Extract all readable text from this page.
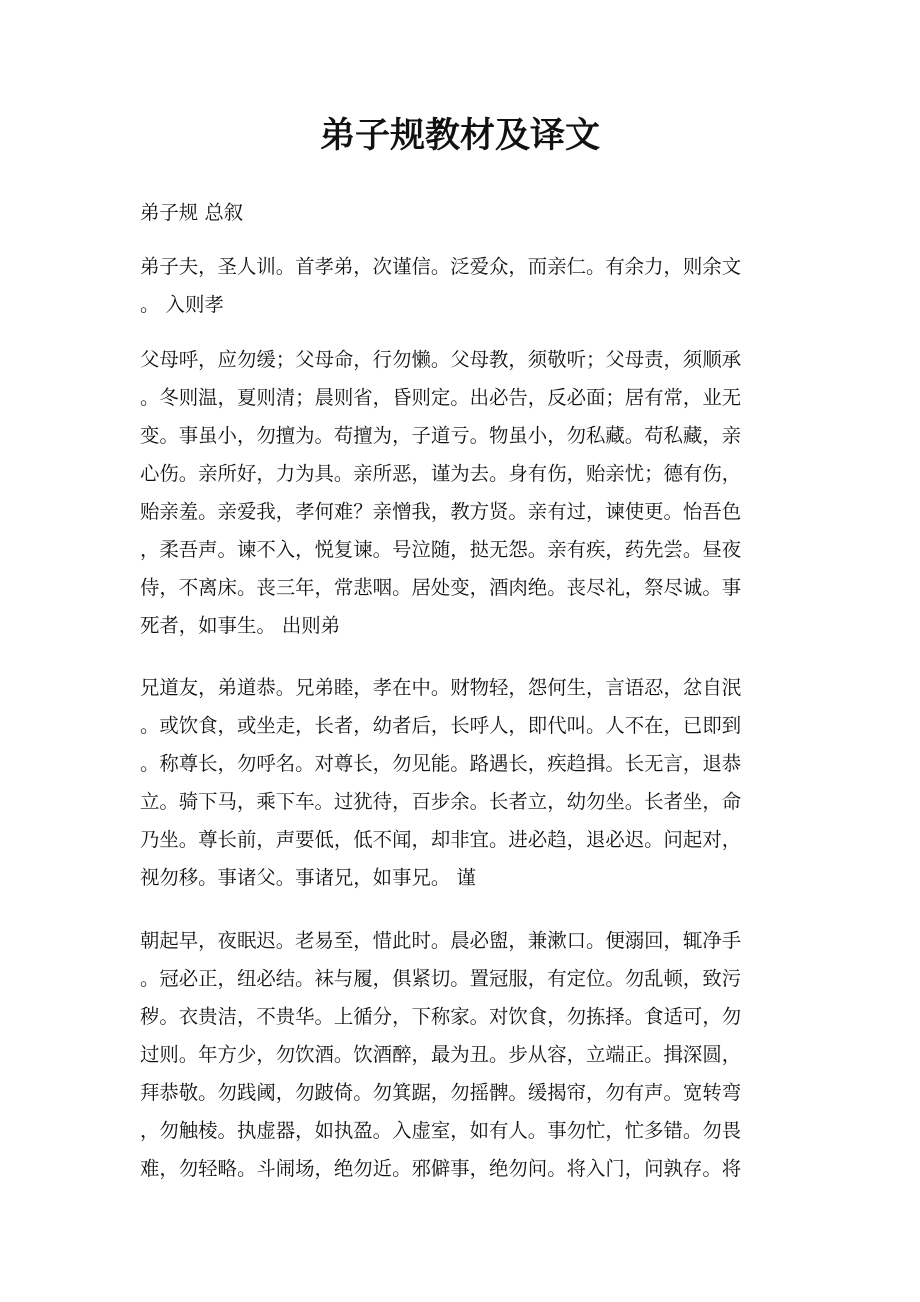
弟子规教材及译文

弟子规 总叙

弟子夫，圣人训。首孝弟，次谨信。泛爱众，而亲仁。有余力，则余文
。 入则孝

父母呼，应勿缓；父母命，行勿懒。父母教，须敬听；父母责，须顺承
。冬则温，夏则清；晨则省，昏则定。出必告，反必面；居有常，业无
变。事虽小，勿擅为。苟擅为，子道亏。物虽小，勿私藏。苟私藏，亲
心伤。亲所好，力为具。亲所恶，谨为去。身有伤，贻亲忧；德有伤，
贻亲羞。亲爱我，孝何难？亲憎我，教方贤。亲有过，谏使更。怡吾色
，柔吾声。谏不入，悦复谏。号泣随，挞无怨。亲有疾，药先尝。昼夜
侍，不离床。丧三年，常悲咽。居处变，酒肉绝。丧尽礼，祭尽诚。事
死者，如事生。 出则弟

兄道友，弟道恭。兄弟睦，孝在中。财物轻，怨何生，言语忍，忿自泯
。或饮食，或坐走，长者，幼者后，长呼人，即代叫。人不在，已即到
。称尊长，勿呼名。对尊长，勿见能。路遇长，疾趋揖。长无言，退恭
立。骑下马，乘下车。过犹待，百步余。长者立，幼勿坐。长者坐，命
乃坐。尊长前，声要低，低不闻，却非宜。进必趋，退必迟。问起对，
视勿移。事诸父。事诸兄，如事兄。 谨

朝起早，夜眠迟。老易至，惜此时。晨必盥，兼漱口。便溺回，辄净手
。冠必正，纽必结。袜与履，俱紧切。置冠服，有定位。勿乱顿，致污
秽。衣贵洁，不贵华。上循分，下称家。对饮食，勿拣择。食适可，勿
过则。年方少，勿饮酒。饮酒醉，最为丑。步从容，立端正。揖深圆，
拜恭敬。勿践阈，勿跛倚。勿箕踞，勿摇髀。缓揭帘，勿有声。宽转弯
，勿触棱。执虚器，如执盈。入虚室，如有人。事勿忙，忙多错。勿畏
难，勿轻略。斗闹场，绝勿近。邪僻事，绝勿问。将入门，问孰存。将
